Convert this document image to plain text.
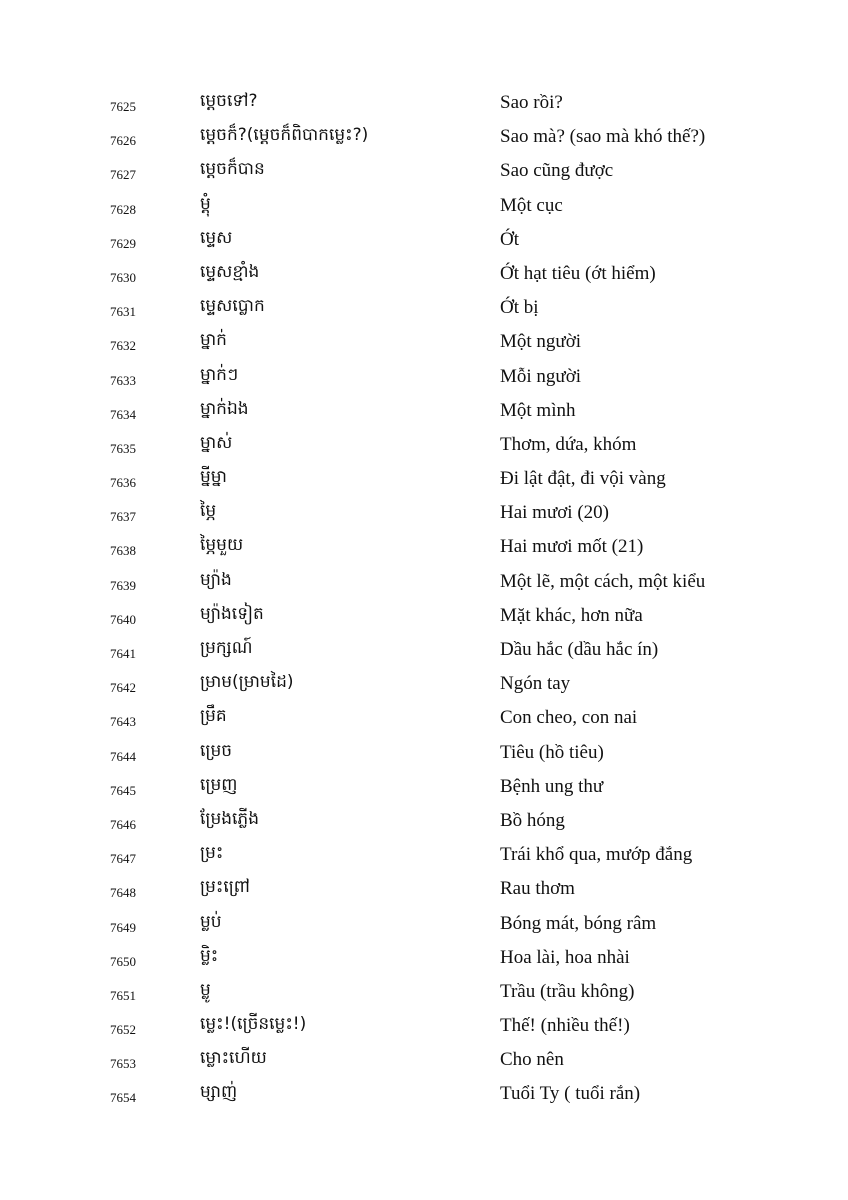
7625	ម្តេចទៅ?	Sao rồi?
7626	ម្តេចក៏?(ម្តេចក៏ពិបាកម្លេះ?)	Sao mà? (sao mà khó thế?)
7627	ម្តេចក៏បាន	Sao cũng được
7628	ម្ដុំ	Một cục
7629	ម្ទេស	Ớt
7630	ម្ទេសខ្មាំង	Ớt hạt tiêu (ớt hiểm)
7631	ម្ទេសប្លោក	Ớt bị
7632	ម្នាក់	Một người
7633	ម្នាក់ៗ	Mỗi người
7634	ម្នាក់ឯង	Một mình
7635	ម្នាស់	Thơm, dứa, khóm
7636	ម្នីម្នា	Đi lật đật, đi vội vàng
7637	ម្ភៃ	Hai mươi (20)
7638	ម្ភៃមួយ	Hai mươi mốt (21)
7639	ម្យ៉ាង	Một lẽ, một cách, một kiểu
7640	ម្យ៉ាងទៀត	Mặt khác, hơn nữa
7641	ម្រក្សណ៍	Dầu hắc (dầu hắc ín)
7642	ម្រាម(ម្រាមដៃ)	Ngón tay
7643	ម្រឹគ	Con cheo, con nai
7644	ម្រេច	Tiêu (hồ tiêu)
7645	ម្រេញ	Bệnh ung thư
7646	ម្រែងភ្លើង	Bồ hóng
7647	ម្រះ	Trái khổ qua, mướp đắng
7648	ម្រះព្រៅ	Rau thơm
7649	ម្លប់	Bóng mát, bóng râm
7650	ម្លិះ	Hoa lài, hoa nhài
7651	ម្លូ	Trầu (trầu không)
7652	ម្លេះ!(ច្រើនម្លេះ!)	Thế! (nhiều thế!)
7653	ម្លោះហើយ	Cho nên
7654	ម្សាញ់	Tuổi Ty ( tuổi rắn)
